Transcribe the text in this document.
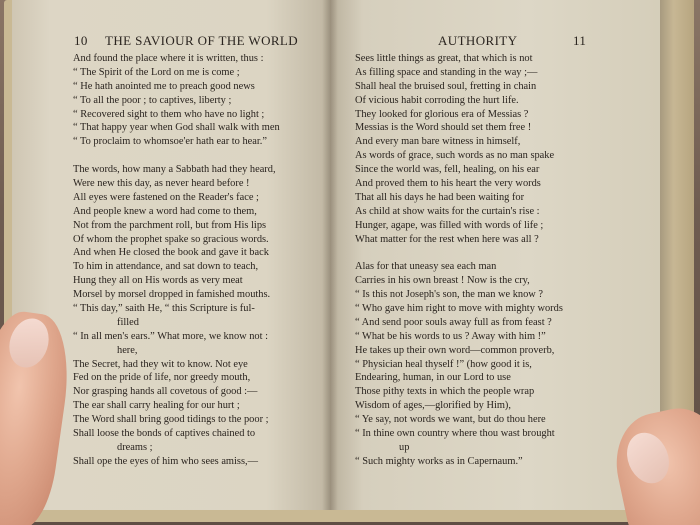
10 THE SAVIOUR OF THE WORLD
And found the place where it is written, thus :
“ The Spirit of the Lord on me is come ;
“ He hath anointed me to preach good news
“ To all the poor ; to captives, liberty ;
“ Recovered sight to them who have no light ;
“ That happy year when God shall walk with men
“ To proclaim to whomsoe'er hath ear to hear.”
The words, how many a Sabbath had they heard,
Were new this day, as never heard before !
All eyes were fastened on the Reader's face ;
And people knew a word had come to them,
Not from the parchment roll, but from His lips
Of whom the prophet spake so gracious words.
And when He closed the book and gave it back
To him in attendance, and sat down to teach,
Hung they all on His words as very meat
Morsel by morsel dropped in famished mouths.
“ This day,” saith He, “ this Scripture is ful-
filled
“ In all men's ears.” What more, we know not :
here,
The Secret, had they wit to know. Not eye
Fed on the pride of life, nor greedy mouth,
Nor grasping hands all covetous of good :—
The ear shall carry healing for our hurt ;
The Word shall bring good tidings to the poor ;
Shall loose the bonds of captives chained to
dreams ;
Shall ope the eyes of him who sees amiss,—
AUTHORITY	11
Sees little things as great, that which is not
As filling space and standing in the way ;—
Shall heal the bruised soul, fretting in chain
Of vicious habit corroding the hurt life.
They looked for glorious era of Messias ?
Messias is the Word should set them free !
And every man bare witness in himself,
As words of grace, such words as no man spake
Since the world was, fell, healing, on his ear
And proved them to his heart the very words
That all his days he had been waiting for
As child at show waits for the curtain's rise :
Hunger, agape, was filled with words of life ;
What matter for the rest when here was all ?
Alas for that uneasy sea each man
Carries in his own breast ! Now is the cry,
“ Is this not Joseph's son, the man we know ?
“ Who gave him right to move with mighty words
“ And send poor souls away full as from feast ?
“ What be his words to us ? Away with him !”
He takes up their own word—common proverb,
“ Physician heal thyself !” (how good it is,
Endearing, human, in our Lord to use
Those pithy texts in which the people wrap
Wisdom of ages,—glorified by Him),
“ Ye say, not words we want, but do thou here
“ In thine own country where thou wast brought
up
“ Such mighty works as in Capernaum.”
